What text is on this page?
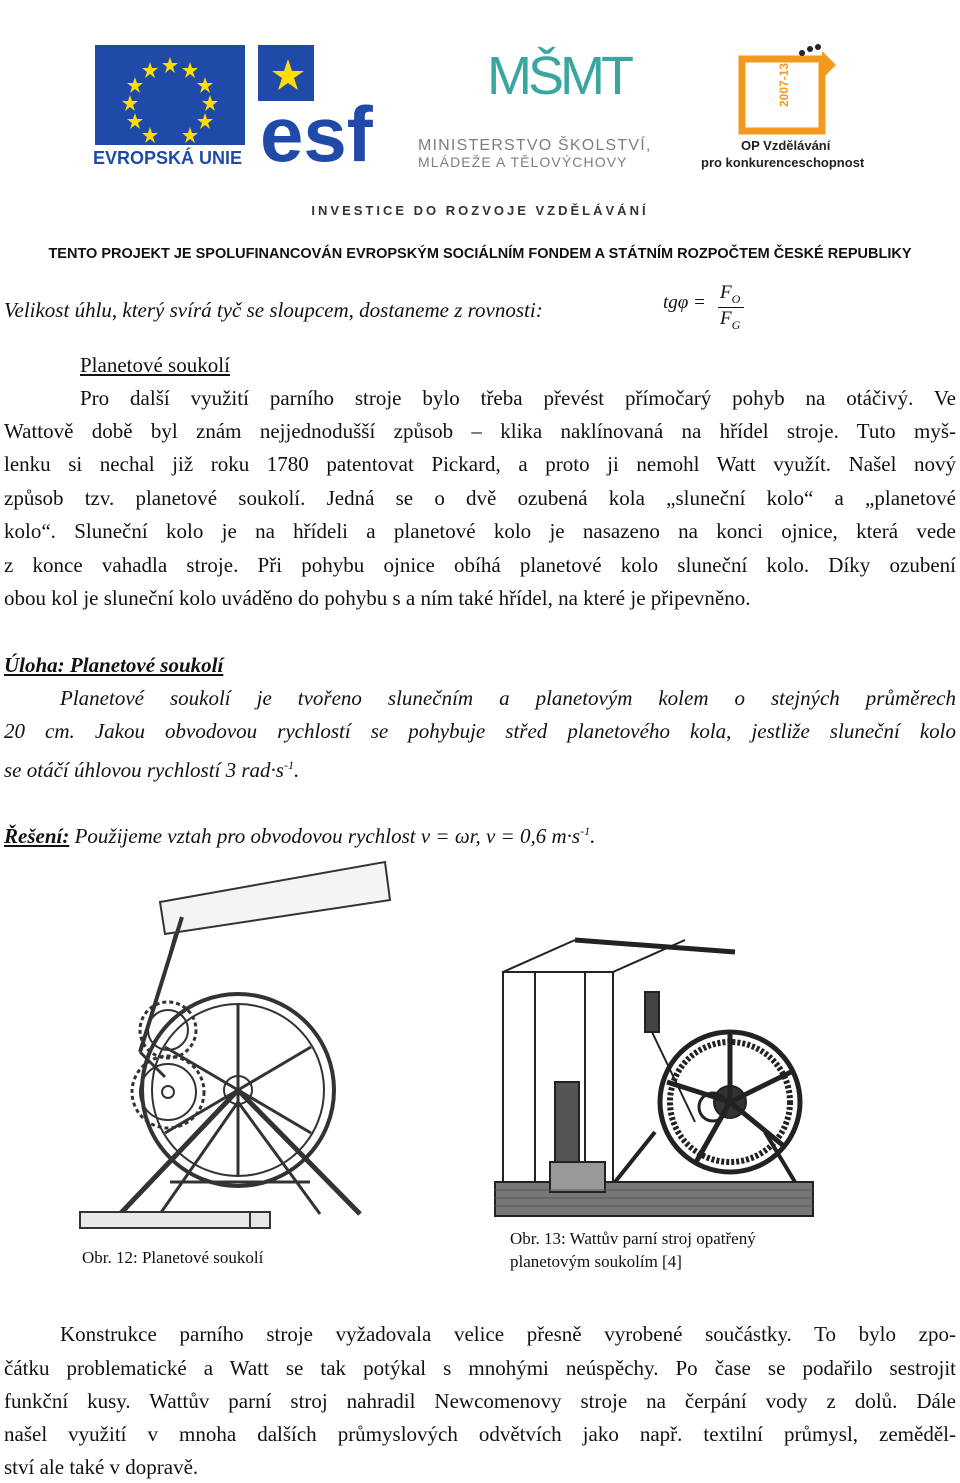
EVROPSKÁ UNIE esf
MŠMT
MINISTERSTVO ŠKOLSTVÍ,
MLÁDEŽE A TĚLOVÝCHOVY
2007-13
OP Vzdělávání
pro konkurenceschopnost
INVESTICE DO ROZVOJE VZDĚLÁVÁNÍ
TENTO PROJEKT JE SPOLUFINANCOVÁN EVROPSKÝM SOCIÁLNÍM FONDEM A STÁTNÍM ROZPOČTEM ČESKÉ REPUBLIKY
Velikost úhlu, který svírá tyč se sloupcem, dostaneme z rovnosti:	$tg\varphi = F_O$
$F_G$
Planetové soukolí
Pro další využití parního stroje bylo třeba převést přímočarý pohyb na otáčivý. Ve
Wattově době byl znám nejjednodušší způsob – klika naklínovaná na hřídel stroje. Tuto myš-
lenku si nechal již roku 1780 patentovat Pickard, a proto ji nemohl Watt využít. Našel nový
způsob tzv. planetové soukolí. Jedná se o dvě ozubená kola „sluneční kolo“ a „planetové
kolo“. Sluneční kolo je na hřídeli a planetové kolo je nasazeno na konci ojnice, která vede
z konce vahadla stroje. Při pohybu ojnice obíhá planetové kolo sluneční kolo. Díky ozubení
obou kol je sluneční kolo uváděno do pohybu s a ním také hřídel, na které je připevněno.
Úloha: Planetové soukolí
Planetové soukolí je tvořeno slunečním a planetovým kolem o stejných průměrech
20 cm. Jakou obvodovou rychlostí se pohybuje střed planetového kola, jestliže sluneční kolo
se otáčí úhlovou rychlostí 3 $rad\cdot s^{-1}$.
Řešení: Použijeme vztah pro obvodovou rychlost v = ωr, v = 0,6 $m\cdot s^{-1}$.
Obr. 12: Planetové soukolí
Obr. 13: Wattův parní stroj opatřený
planetovým soukolím [4]
Konstrukce parního stroje vyžadovala velice přesně vyrobené součástky. To bylo zpo-
čátku problematické a Watt se tak potýkal s mnohými neúspěchy. Po čase se podařilo sestrojit
funkční kusy. Wattův parní stroj nahradil Newcomenovy stroje na čerpání vody z dolů. Dále
našel využití v mnoha dalších průmyslových odvětvích jako např. textilní průmysl, zeměděl-
ství ale také v dopravě.
